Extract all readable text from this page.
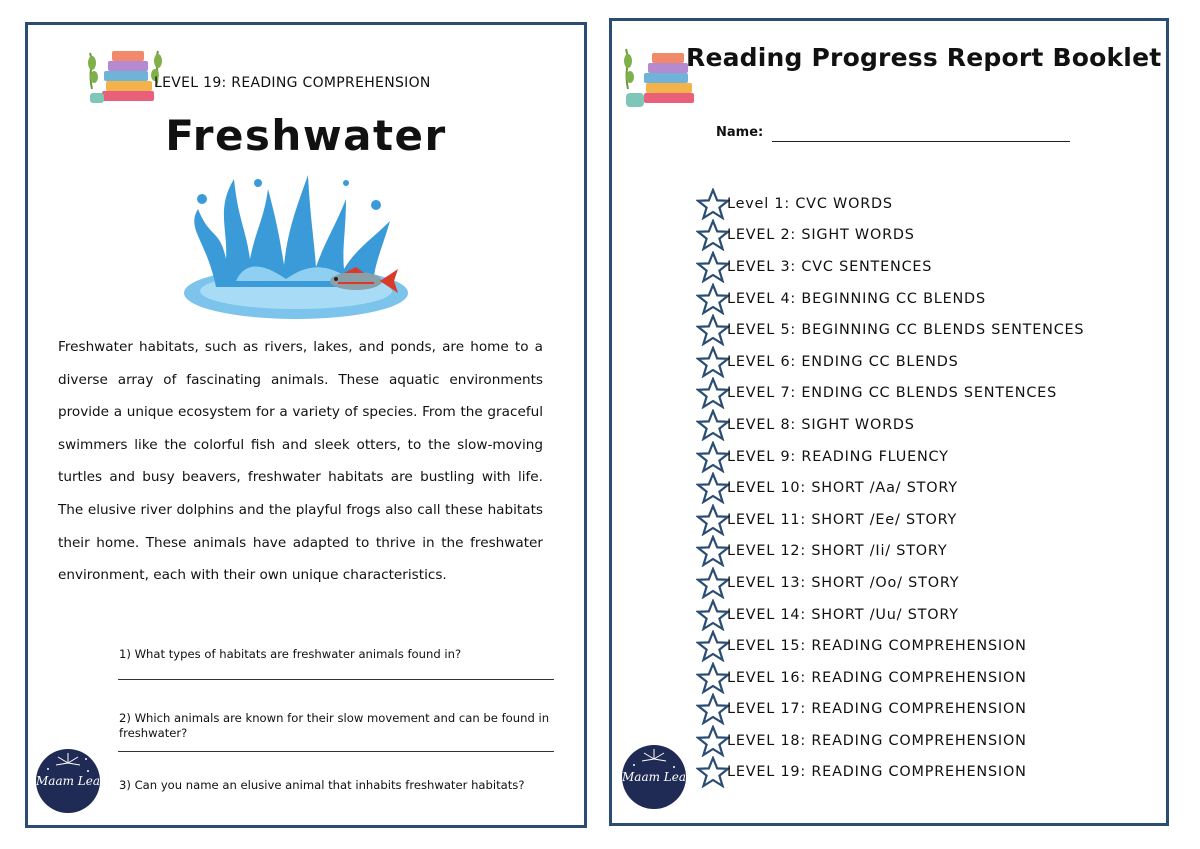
LEVEL 19: READING COMPREHENSION
Freshwater

Freshwater habitats, such as rivers, lakes, and ponds, are home to a diverse array of fascinating animals. These aquatic environments provide a unique ecosystem for a variety of species. From the graceful swimmers like the colorful fish and sleek otters, to the slow-moving turtles and busy beavers, freshwater habitats are bustling with life. The elusive river dolphins and the playful frogs also call these habitats their home. These animals have adapted to thrive in the freshwater environment, each with their own unique characteristics.

1) What types of habitats are freshwater animals found in?
2) Which animals are known for their slow movement and can be found in freshwater?
3) Can you name an elusive animal that inhabits freshwater habitats?
Maam Lea
Reading Progress Report Booklet
Name:
Level 1: CVC WORDS
LEVEL 2: SIGHT WORDS
LEVEL 3: CVC SENTENCES
LEVEL 4: BEGINNING CC BLENDS
LEVEL 5: BEGINNING CC BLENDS SENTENCES
LEVEL 6: ENDING CC BLENDS
LEVEL 7: ENDING CC BLENDS SENTENCES
LEVEL 8: SIGHT WORDS
LEVEL 9: READING FLUENCY
LEVEL 10: SHORT /Aa/ STORY
LEVEL 11: SHORT /Ee/ STORY
LEVEL 12: SHORT /Ii/ STORY
LEVEL 13: SHORT /Oo/ STORY
LEVEL 14: SHORT /Uu/ STORY
LEVEL 15: READING COMPREHENSION
LEVEL 16: READING COMPREHENSION
LEVEL 17: READING COMPREHENSION
LEVEL 18: READING COMPREHENSION
LEVEL 19: READING COMPREHENSION
Maam Lea
